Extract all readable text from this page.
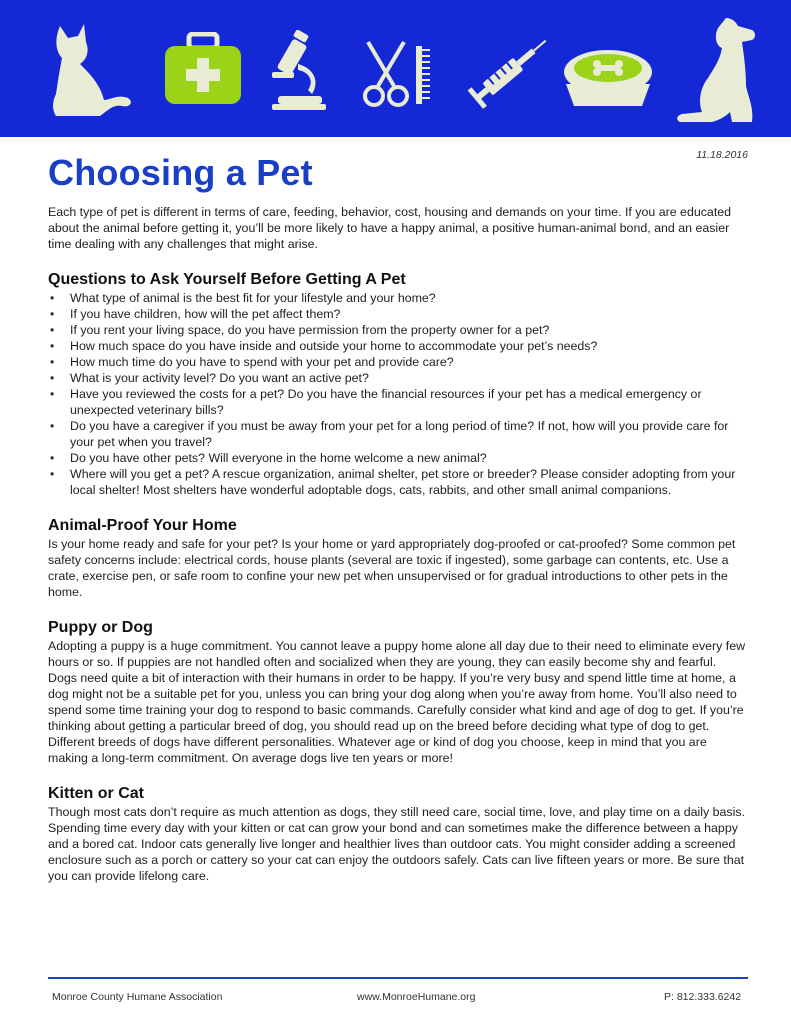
11.18.2016
Choosing a Pet

Each type of pet is different in terms of care, feeding, behavior, cost, housing and demands on your time. If you are educated about the animal before getting it, you’ll be more likely to have a happy animal, a positive human-animal bond, and an easier time dealing with any challenges that might arise.

Questions to Ask Yourself Before Getting A Pet
• What type of animal is the best fit for your lifestyle and your home?
• If you have children, how will the pet affect them?
• If you rent your living space, do you have permission from the property owner for a pet?
• How much space do you have inside and outside your home to accommodate your pet’s needs?
• How much time do you have to spend with your pet and provide care?
• What is your activity level? Do you want an active pet?
• Have you reviewed the costs for a pet? Do you have the financial resources if your pet has a medical emergency or unexpected veterinary bills?
• Do you have a caregiver if you must be away from your pet for a long period of time? If not, how will you provide care for your pet when you travel?
• Do you have other pets? Will everyone in the home welcome a new animal?
• Where will you get a pet? A rescue organization, animal shelter, pet store or breeder? Please consider adopting from your local shelter! Most shelters have wonderful adoptable dogs, cats, rabbits, and other small animal companions.
Animal-Proof Your Home

Is your home ready and safe for your pet? Is your home or yard appropriately dog-proofed or cat-proofed? Some common pet safety concerns include: electrical cords, house plants (several are toxic if ingested), some garbage can contents, etc. Use a crate, exercise pen, or safe room to confine your new pet when unsupervised or for gradual introductions to other pets in the home.

Puppy or Dog

Adopting a puppy is a huge commitment. You cannot leave a puppy home alone all day due to their need to eliminate every few hours or so. If puppies are not handled often and socialized when they are young, they can easily become shy and fearful. Dogs need quite a bit of interaction with their humans in order to be happy. If you’re very busy and spend little time at home, a dog might not be a suitable pet for you, unless you can bring your dog along when you’re away from home. You’ll also need to spend some time training your dog to respond to basic commands. Carefully consider what kind and age of dog to get. If you’re thinking about getting a particular breed of dog, you should read up on the breed before deciding what type of dog to get. Different breeds of dogs have different personalities. Whatever age or kind of dog you choose, keep in mind that you are making a long-term commitment. On average dogs live ten years or more!

Kitten or Cat

Though most cats don’t require as much attention as dogs, they still need care, social time, love, and play time on a daily basis. Spending time every day with your kitten or cat can grow your bond and can sometimes make the difference between a happy and a bored cat. Indoor cats generally live longer and healthier lives than outdoor cats. You might consider adding a screened enclosure such as a porch or cattery so your cat can enjoy the outdoors safely. Cats can live fifteen years or more. Be sure that you can provide lifelong care.

Monroe County Humane Association	www.MonroeHumane.org	P: 812.333.6242
